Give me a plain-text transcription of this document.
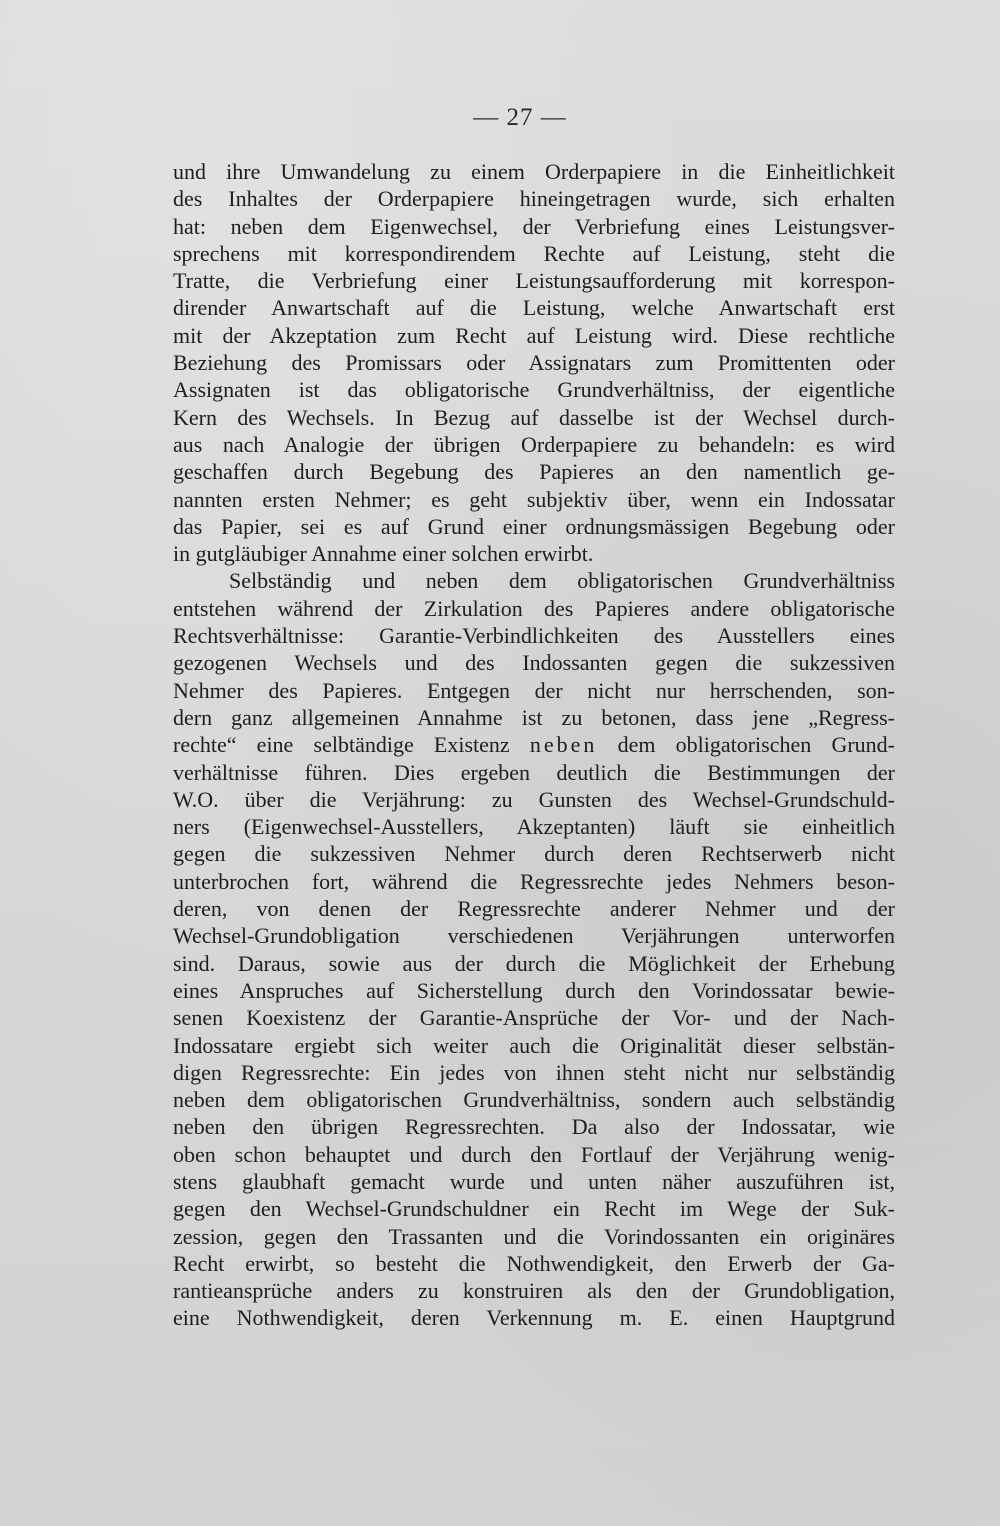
— 27 —
und ihre Umwandelung zu einem Orderpapiere in die Einheitlichkeit
des Inhaltes der Orderpapiere hineingetragen wurde, sich erhalten
hat: neben dem Eigenwechsel, der Verbriefung eines Leistungsver-
sprechens mit korrespondirendem Rechte auf Leistung, steht die
Tratte, die Verbriefung einer Leistungsaufforderung mit korrespon-
dirender Anwartschaft auf die Leistung, welche Anwartschaft erst
mit der Akzeptation zum Recht auf Leistung wird. Diese rechtliche
Beziehung des Promissars oder Assignatars zum Promittenten oder
Assignaten ist das obligatorische Grundverhältniss, der eigentliche
Kern des Wechsels. In Bezug auf dasselbe ist der Wechsel durch-
aus nach Analogie der übrigen Orderpapiere zu behandeln: es wird
geschaffen durch Begebung des Papieres an den namentlich ge-
nannten ersten Nehmer; es geht subjektiv über, wenn ein Indossatar
das Papier, sei es auf Grund einer ordnungsmässigen Begebung oder
in gutgläubiger Annahme einer solchen erwirbt.
Selbständig und neben dem obligatorischen Grundverhältniss
entstehen während der Zirkulation des Papieres andere obligatorische
Rechtsverhältnisse: Garantie-Verbindlichkeiten des Ausstellers eines
gezogenen Wechsels und des Indossanten gegen die sukzessiven
Nehmer des Papieres. Entgegen der nicht nur herrschenden, son-
dern ganz allgemeinen Annahme ist zu betonen, dass jene „Regress-
rechte“ eine selbtändige Existenz neben dem obligatorischen Grund-
verhältnisse führen. Dies ergeben deutlich die Bestimmungen der
W.O. über die Verjährung: zu Gunsten des Wechsel-Grundschuld-
ners (Eigenwechsel-Ausstellers, Akzeptanten) läuft sie einheitlich
gegen die sukzessiven Nehmer durch deren Rechtserwerb nicht
unterbrochen fort, während die Regressrechte jedes Nehmers beson-
deren, von denen der Regressrechte anderer Nehmer und der
Wechsel-Grundobligation verschiedenen Verjährungen unterworfen
sind. Daraus, sowie aus der durch die Möglichkeit der Erhebung
eines Anspruches auf Sicherstellung durch den Vorindossatar bewie-
senen Koexistenz der Garantie-Ansprüche der Vor- und der Nach-
Indossatare ergiebt sich weiter auch die Originalität dieser selbstän-
digen Regressrechte: Ein jedes von ihnen steht nicht nur selbständig
neben dem obligatorischen Grundverhältniss, sondern auch selbständig
neben den übrigen Regressrechten. Da also der Indossatar, wie
oben schon behauptet und durch den Fortlauf der Verjährung wenig-
stens glaubhaft gemacht wurde und unten näher auszuführen ist,
gegen den Wechsel-Grundschuldner ein Recht im Wege der Suk-
zession, gegen den Trassanten und die Vorindossanten ein originäres
Recht erwirbt, so besteht die Nothwendigkeit, den Erwerb der Ga-
rantieansprüche anders zu konstruiren als den der Grundobligation,
eine Nothwendigkeit, deren Verkennung m. E. einen Hauptgrund
